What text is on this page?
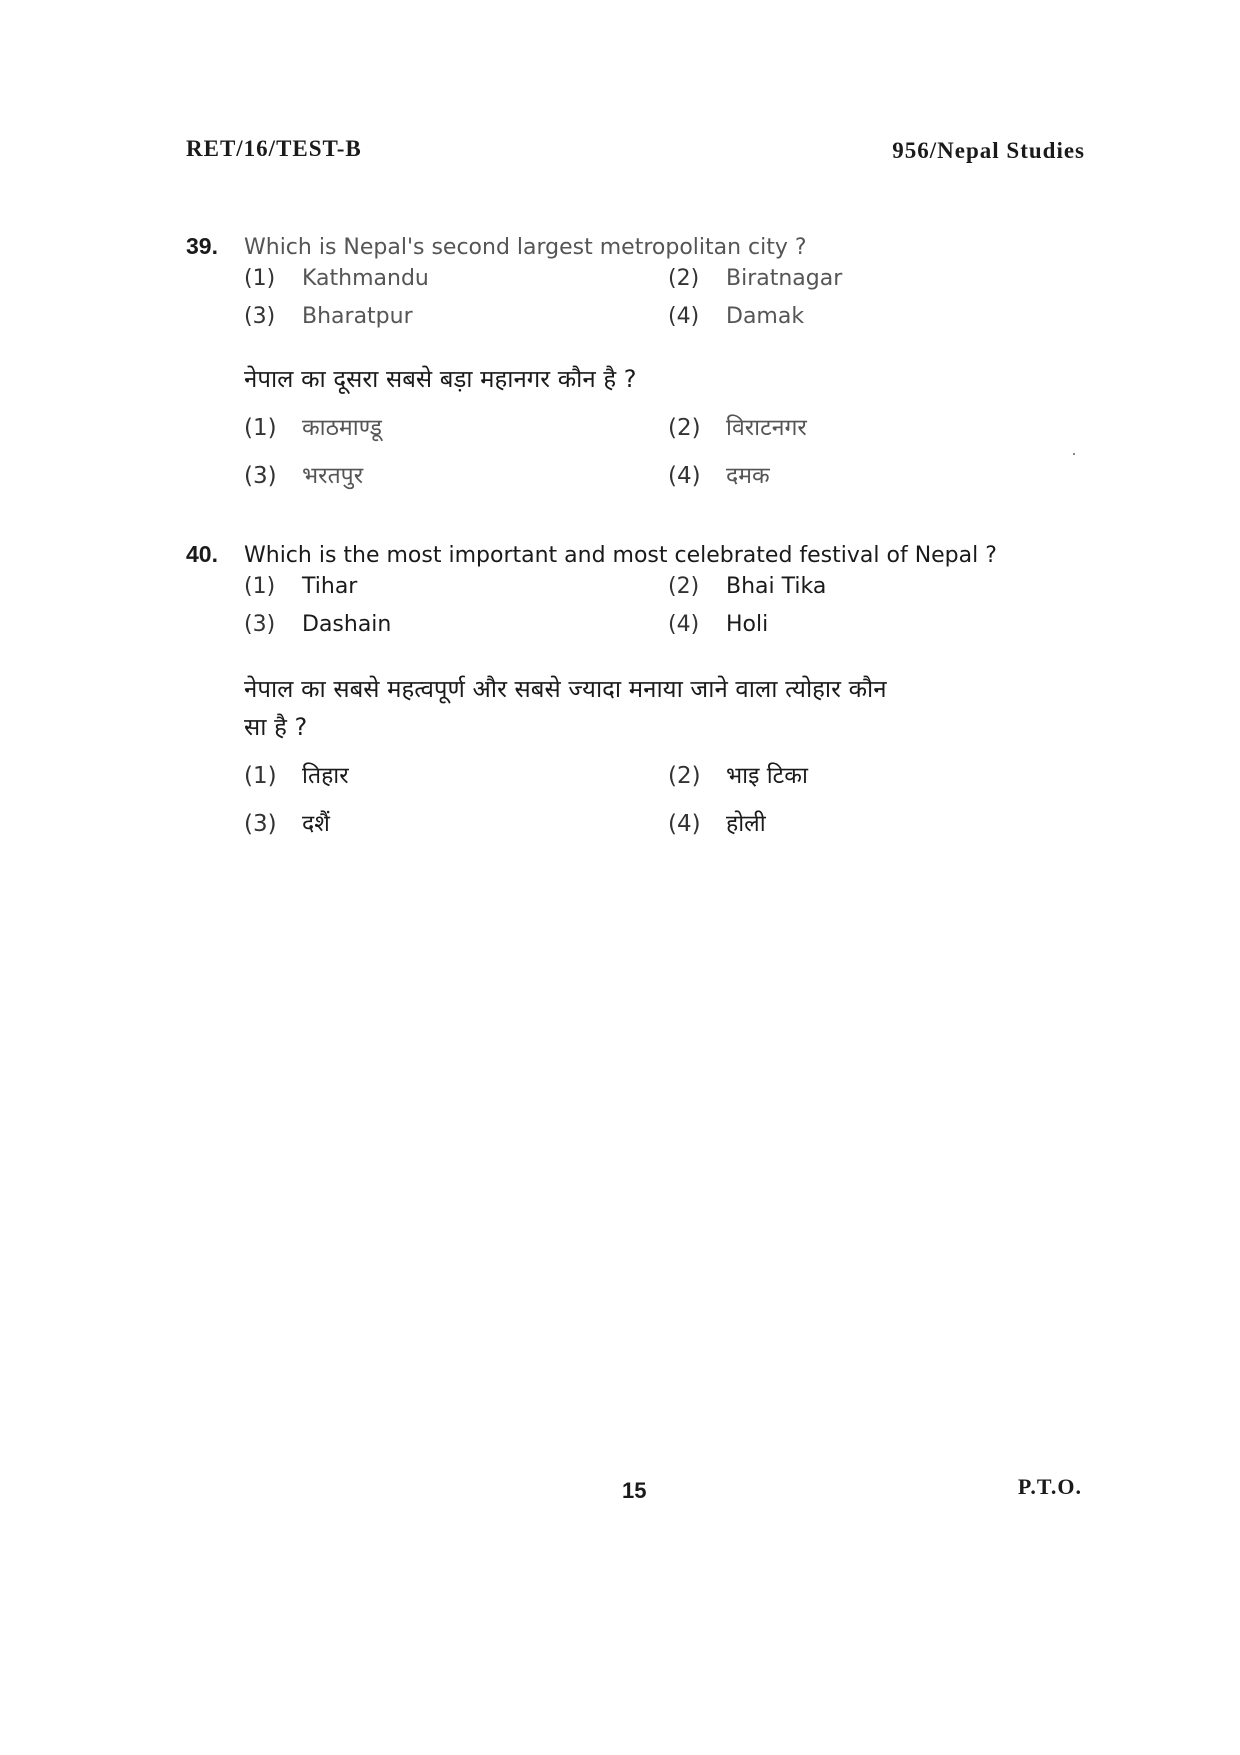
RET/16/TEST-B	956/Nepal Studies
39. Which is Nepal's second largest metropolitan city ?
(1) Kathmandu	(2) Biratnagar
(3) Bharatpur	(4) Damak
नेपाल का दूसरा सबसे बड़ा महानगर कौन है ?
(1) काठमाण्डू	(2) विराटनगर
(3) भरतपुर	(4) दमक
40. Which is the most important and most celebrated festival of Nepal ?
(1) Tihar	(2) Bhai Tika
(3) Dashain	(4) Holi
नेपाल का सबसे महत्वपूर्ण और सबसे ज्यादा मनाया जाने वाला त्योहार कौन
सा है ?
(1) तिहार	(2) भाइ टिका
(3) दशैं	(4) होली
15	P.T.O.
